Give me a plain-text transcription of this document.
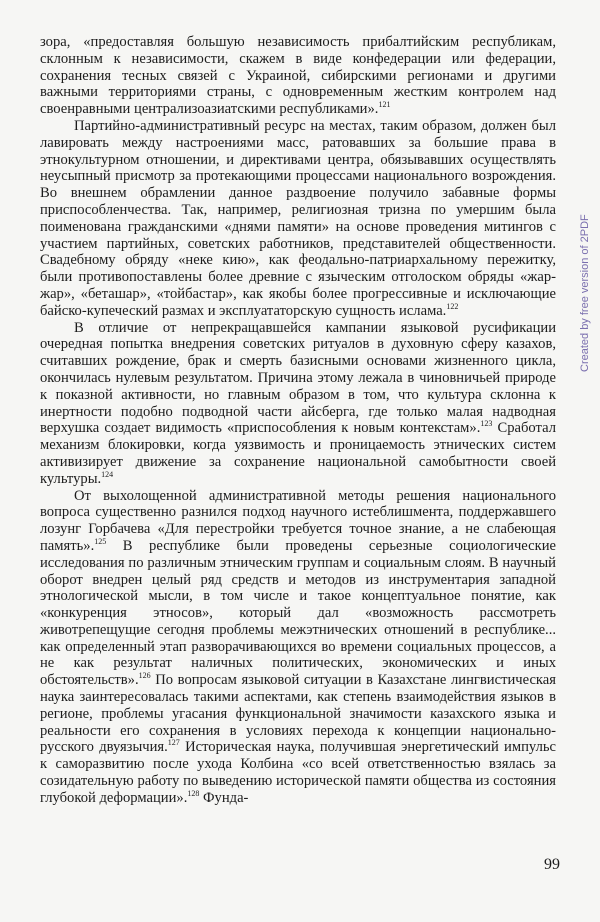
зора, «предоставляя большую независимость прибалтийским республикам, склонным к независимости, скажем в виде конфедерации или федерации, сохранения тесных связей с Украиной, сибирскими регионами и другими важными территориями страны, с одновременным жестким контролем над своенравными централизоазиатскими республиками».$^{121}$

Партийно-административный ресурс на местах, таким образом, должен был лавировать между настроениями масс, ратовавших за большие права в этнокультурном отношении, и директивами центра, обязывавших осуществлять неусыпный присмотр за протекающими процессами национального возрождения. Во внешнем обрамлении данное раздвоение получило забавные формы приспособленчества. Так, например, религиозная тризна по умершим была поименована гражданскими «днями памяти» на основе проведения митингов с участием партийных, советских работников, представителей общественности. Свадебному обряду «неке кию», как феодально-патриархальному пережитку, были противопоставлены более древние с языческим отголоском обряды «жар-жар», «беташар», «тойбастар», как якобы более прогрессивные и исключающие байско-купеческий размах и эксплуататорскую сущность ислама.$^{122}$

В отличие от непрекращавшейся кампании языковой русификации очередная попытка внедрения советских ритуалов в духовную сферу казахов, считавших рождение, брак и смерть базисными основами жизненного цикла, окончилась нулевым результатом. Причина этому лежала в чиновничьей природе к показной активности, но главным образом в том, что культура склонна к инертности подобно подводной части айсберга, где только малая надводная верхушка создает видимость «приспособления к новым контекстам».$^{123}$ Сработал механизм блокировки, когда уязвимость и проницаемость этнических систем активизирует движение за сохранение национальной самобытности своей культуры.$^{124}$

От выхолощенной административной методы решения национального вопроса существенно разнился подход научного истеблишмента, поддержавшего лозунг Горбачева «Для перестройки требуется точное знание, а не слабеющая память».$^{125}$ В республике были проведены серьезные социологические исследования по различным этническим группам и социальным слоям. В научный оборот внедрен целый ряд средств и методов из инструментария западной этнологической мысли, в том числе и такое концептуальное понятие, как «конкуренция этносов», который дал «возможность рассмотреть животрепещущие сегодня проблемы межэтнических отношений в республике... как определенный этап разворачивающихся во времени социальных процессов, а не как результат наличных политических, экономических и иных обстоятельств».$^{126}$ По вопросам языковой ситуации в Казахстане лингвистическая наука заинтересовалась такими аспектами, как степень взаимодействия языков в регионе, проблемы угасания функциональной значимости казахского языка и реальности его сохранения в условиях перехода к концепции национально-русского двуязычия.$^{127}$ Историческая наука, получившая энергетический импульс к саморазвитию после ухода Колбина «со всей ответственностью взялась за созидательную работу по выведению исторической памяти общества из состояния глубокой деформации».$^{128}$ Фунда-

99
Created by free version of 2PDF
